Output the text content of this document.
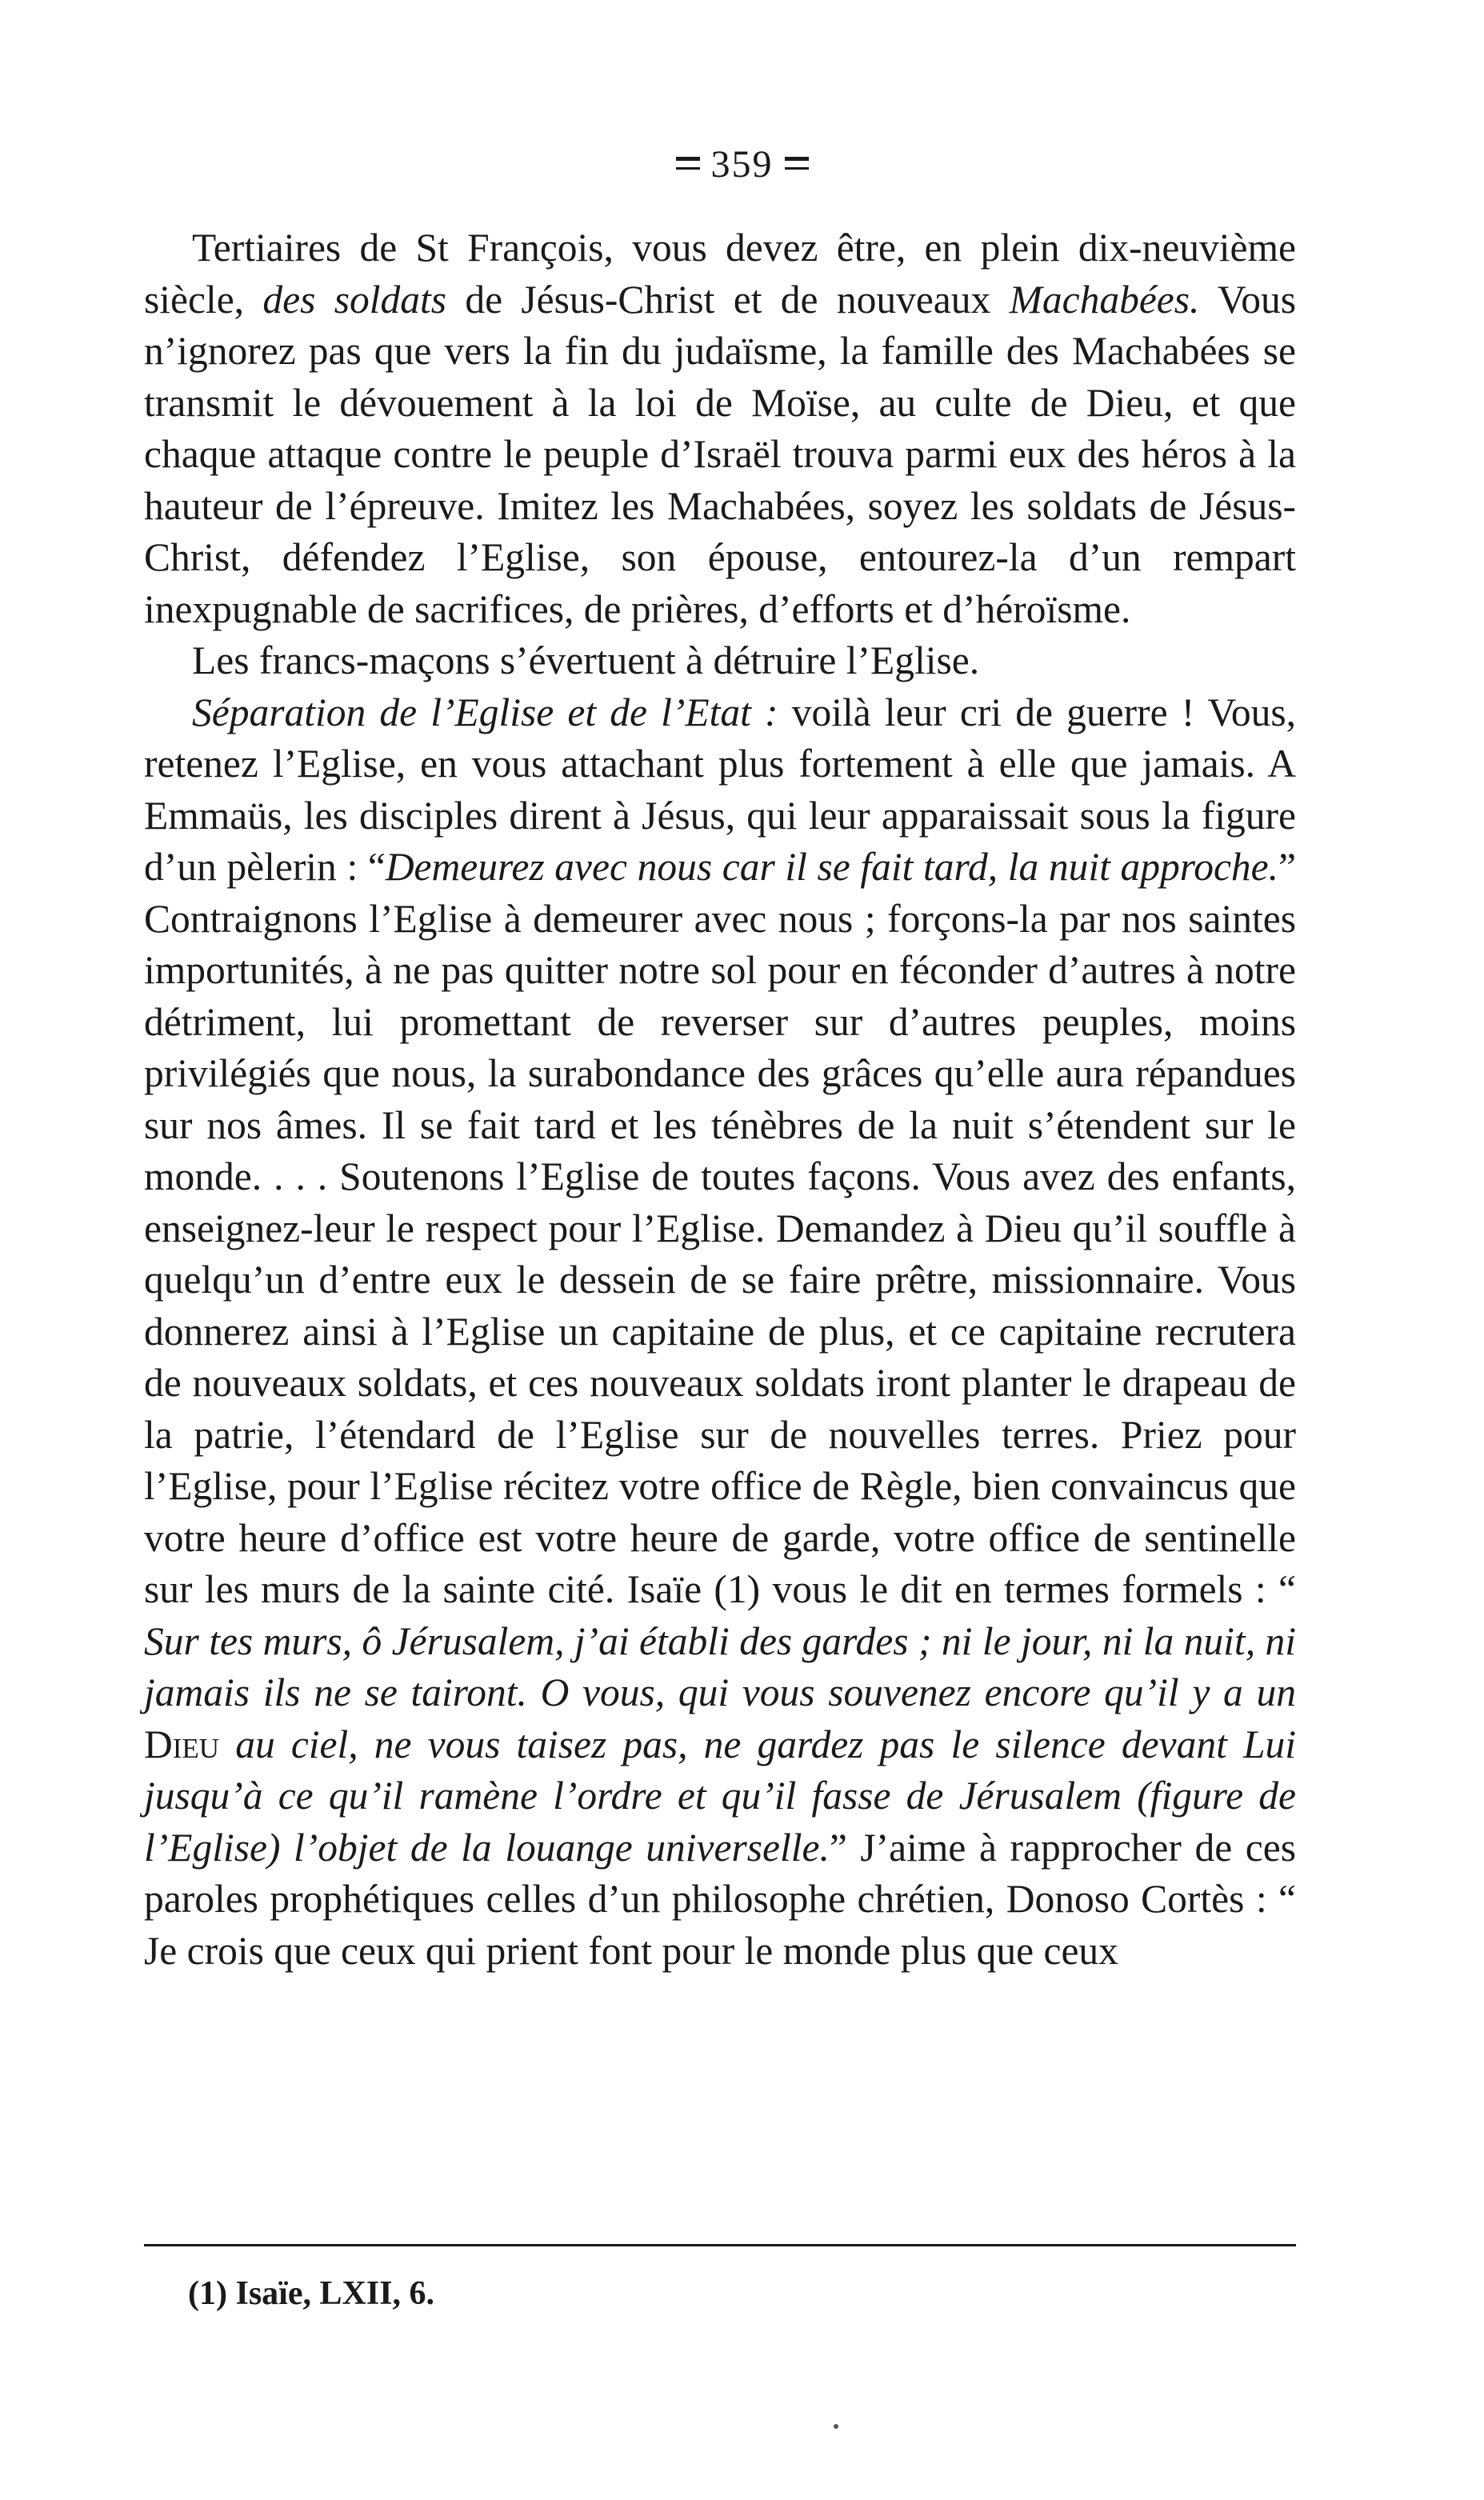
359

Tertiaires de St François, vous devez être, en plein dix-neuvième siècle, des soldats de Jésus-Christ et de nouveaux Machabées. Vous n’ignorez pas que vers la fin du judaïsme, la famille des Machabées se transmit le dévouement à la loi de Moïse, au culte de Dieu, et que chaque attaque contre le peuple d’Israël trouva parmi eux des héros à la hauteur de l’épreuve. Imitez les Machabées, soyez les soldats de Jésus-Christ, défendez l’Eglise, son épouse, entourez-la d’un rempart inexpugnable de sacrifices, de prières, d’efforts et d’héroïsme.

Les francs-maçons s’évertuent à détruire l’Eglise.

Séparation de l’Eglise et de l’Etat : voilà leur cri de guerre ! Vous, retenez l’Eglise, en vous attachant plus fortement à elle que jamais. A Emmaüs, les disciples dirent à Jésus, qui leur apparaissait sous la figure d’un pèlerin : “Demeurez avec nous car il se fait tard, la nuit approche.” Contraignons l’Eglise à demeurer avec nous ; forçons-la par nos saintes importunités, à ne pas quitter notre sol pour en féconder d’autres à notre détriment, lui promettant de reverser sur d’autres peuples, moins privilégiés que nous, la surabondance des grâces qu’elle aura répandues sur nos âmes. Il se fait tard et les ténèbres de la nuit s’étendent sur le monde. . . . Soutenons l’Eglise de toutes façons. Vous avez des enfants, enseignez-leur le respect pour l’Eglise. Demandez à Dieu qu’il souffle à quelqu’un d’entre eux le dessein de se faire prêtre, missionnaire. Vous donnerez ainsi à l’Eglise un capitaine de plus, et ce capitaine recrutera de nouveaux soldats, et ces nouveaux soldats iront planter le drapeau de la patrie, l’étendard de l’Eglise sur de nouvelles terres. Priez pour l’Eglise, pour l’Eglise récitez votre office de Règle, bien convaincus que votre heure d’office est votre heure de garde, votre office de sentinelle sur les murs de la sainte cité. Isaïe (1) vous le dit en termes formels : “ Sur tes murs, ô Jérusalem, j’ai établi des gardes ; ni le jour, ni la nuit, ni jamais ils ne se tairont. O vous, qui vous souvenez encore qu’il y a un Dieu au ciel, ne vous taisez pas, ne gardez pas le silence devant Lui jusqu’à ce qu’il ramène l’ordre et qu’il fasse de Jérusalem (figure de l’Eglise) l’objet de la louange universelle.” J’aime à rapprocher de ces paroles prophétiques celles d’un philosophe chrétien, Donoso Cortès : “ Je crois que ceux qui prient font pour le monde plus que ceux

(1) Isaïe, LXII, 6.
